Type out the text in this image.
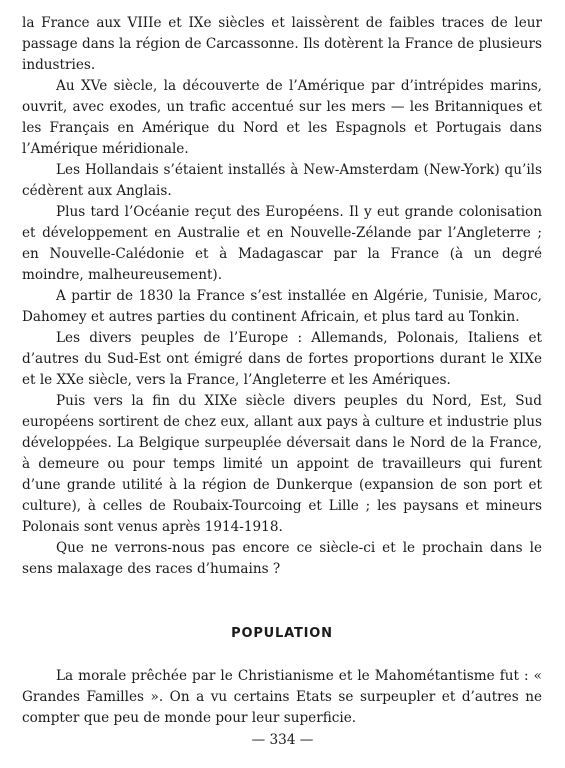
la France aux VIIIe et IXe siècles et laissèrent de faibles traces de leur passage dans la région de Carcassonne. Ils dotèrent la France de plusieurs industries.

Au XVe siècle, la découverte de l’Amérique par d’intrépides marins, ouvrit, avec exodes, un trafic accentué sur les mers — les Britanniques et les Français en Amérique du Nord et les Espagnols et Portugais dans l’Amérique méridionale.

Les Hollandais s’étaient installés à New-Amsterdam (New-York) qu’ils cédèrent aux Anglais.

Plus tard l’Océanie reçut des Européens. Il y eut grande colonisation et développement en Australie et en Nouvelle-Zélande par l’Angleterre ; en Nouvelle-Calédonie et à Madagascar par la France (à un degré moindre, malheureusement).

A partir de 1830 la France s’est installée en Algérie, Tunisie, Maroc, Dahomey et autres parties du continent Africain, et plus tard au Tonkin.

Les divers peuples de l’Europe : Allemands, Polonais, Italiens et d’autres du Sud-Est ont émigré dans de fortes proportions durant le XIXe et le XXe siècle, vers la France, l’Angleterre et les Amériques.

Puis vers la fin du XIXe siècle divers peuples du Nord, Est, Sud européens sortirent de chez eux, allant aux pays à culture et industrie plus développées. La Belgique surpeuplée déversait dans le Nord de la France, à demeure ou pour temps limité un appoint de travailleurs qui furent d’une grande utilité à la région de Dunkerque (expansion de son port et culture), à celles de Roubaix-Tourcoing et Lille ; les paysans et mineurs Polonais sont venus après 1914-1918.

Que ne verrons-nous pas encore ce siècle-ci et le prochain dans le sens malaxage des races d’humains ?

POPULATION

La morale prêchée par le Christianisme et le Mahométantisme fut : « Grandes Familles ». On a vu certains Etats se surpeupler et d’autres ne compter que peu de monde pour leur superficie.

— 334 —
